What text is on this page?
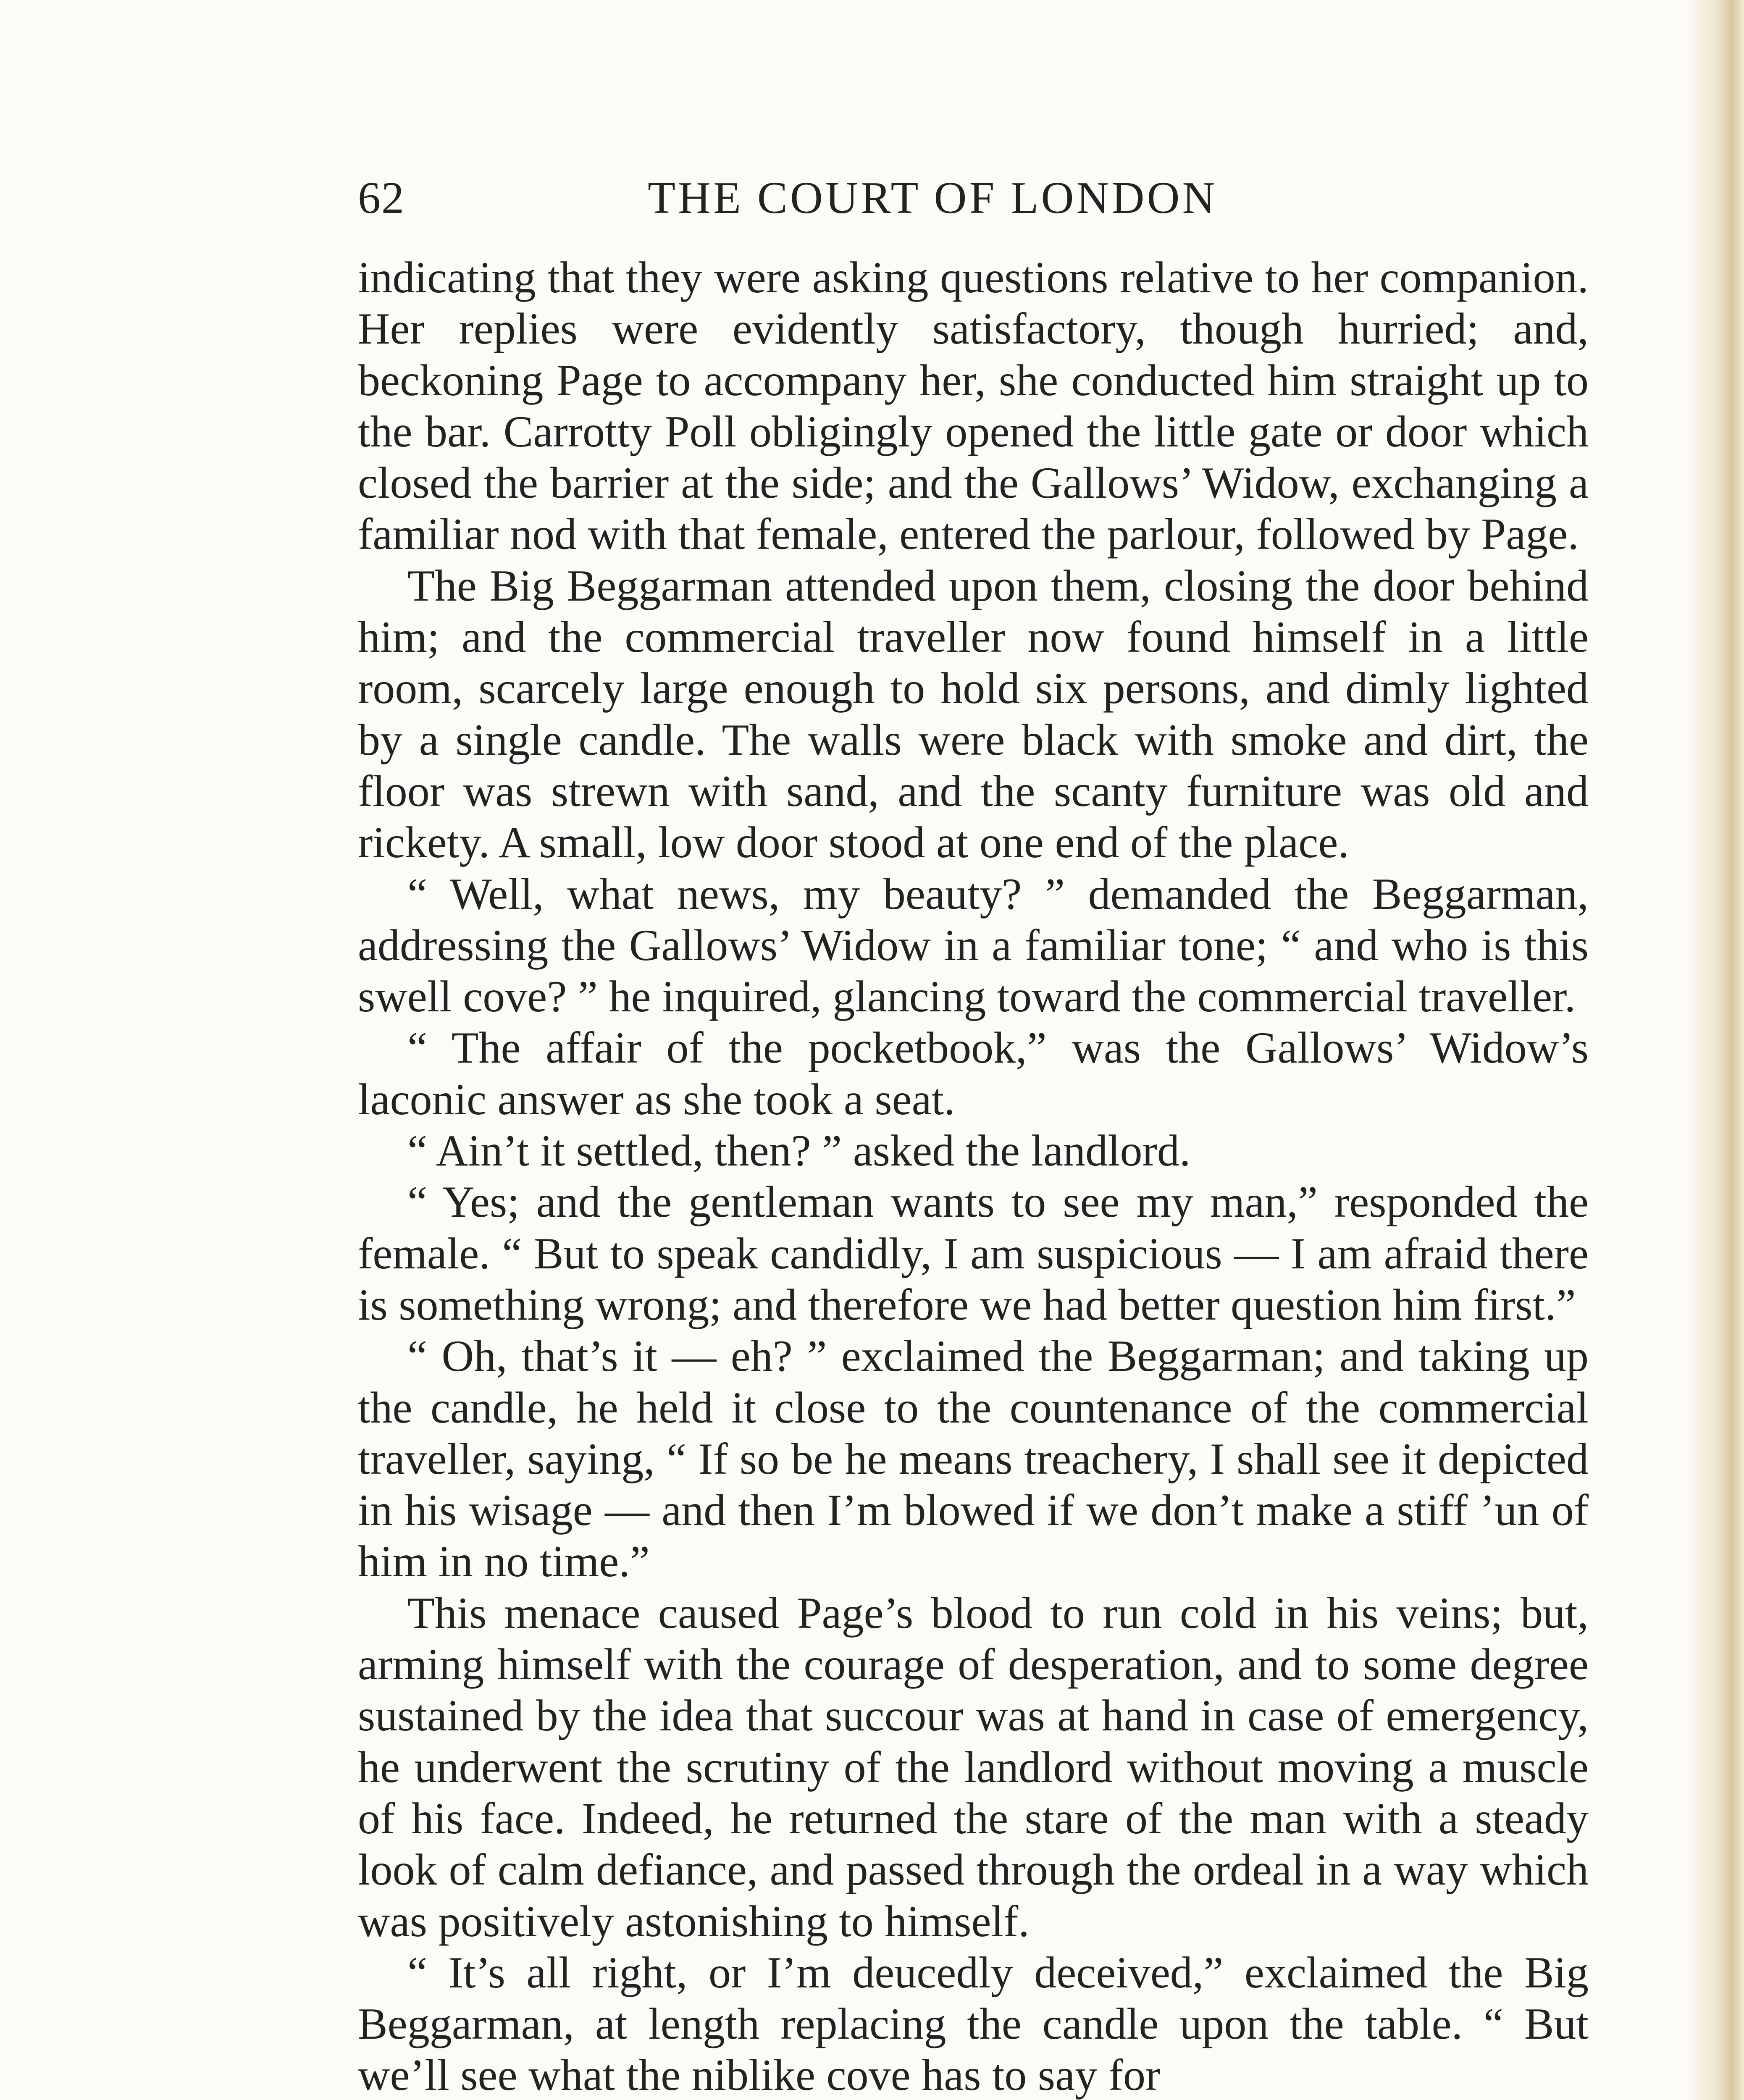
62	THE COURT OF LONDON

indicating that they were asking questions relative to her companion. Her replies were evidently satisfactory, though hurried; and, beckoning Page to accompany her, she conducted him straight up to the bar. Carrotty Poll obligingly opened the little gate or door which closed the barrier at the side; and the Gallows’ Widow, exchanging a familiar nod with that female, entered the parlour, followed by Page.

The Big Beggarman attended upon them, closing the door behind him; and the commercial traveller now found himself in a little room, scarcely large enough to hold six persons, and dimly lighted by a single candle. The walls were black with smoke and dirt, the floor was strewn with sand, and the scanty furniture was old and rickety. A small, low door stood at one end of the place.

“ Well, what news, my beauty? ” demanded the Beggarman, addressing the Gallows’ Widow in a familiar tone; “ and who is this swell cove? ” he inquired, glancing toward the commercial traveller.

“ The affair of the pocketbook,” was the Gallows’ Widow’s laconic answer as she took a seat.

“ Ain’t it settled, then? ” asked the landlord.

“ Yes; and the gentleman wants to see my man,” responded the female. “ But to speak candidly, I am suspicious — I am afraid there is something wrong; and therefore we had better question him first.”

“ Oh, that’s it — eh? ” exclaimed the Beggarman; and taking up the candle, he held it close to the countenance of the commercial traveller, saying, “ If so be he means treachery, I shall see it depicted in his wisage — and then I’m blowed if we don’t make a stiff ’un of him in no time.”

This menace caused Page’s blood to run cold in his veins; but, arming himself with the courage of desperation, and to some degree sustained by the idea that succour was at hand in case of emergency, he underwent the scrutiny of the landlord without moving a muscle of his face. Indeed, he returned the stare of the man with a steady look of calm defiance, and passed through the ordeal in a way which was positively astonishing to himself.

“ It’s all right, or I’m deucedly deceived,” exclaimed the Big Beggarman, at length replacing the candle upon the table. “ But we’ll see what the niblike cove has to say for
